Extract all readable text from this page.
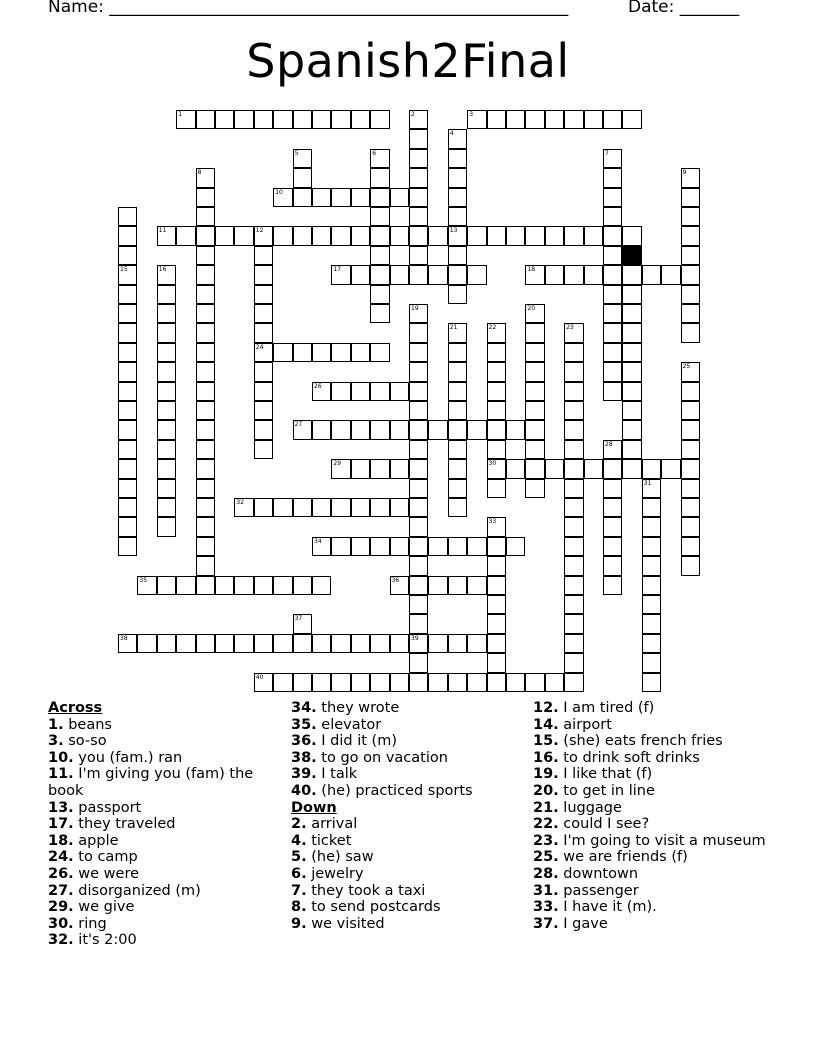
Name: ______________________________________________________

	Date: _______

Spanish2Final
1	3
10
11	12	13
17	18
24
26
27
29	30
32
34
35	36
38	39
40
2
4
5	6	7
8	9
15	16
19
21	22
20
23
25
28
31
33
37
Across
1. beans
3. so-so
10. you (fam.) ran
11. I'm giving you (fam) the book
13. passport
17. they traveled
18. apple
24. to camp
26. we were
27. disorganized (m)
29. we give
30. ring
32. it's 2:00
34. they wrote
35. elevator
36. I did it (m)
38. to go on vacation
39. I talk
40. (he) practiced sports
Down
2. arrival
4. ticket
5. (he) saw
6. jewelry
7. they took a taxi
8. to send postcards
9. we visited
12. I am tired (f)
14. airport
15. (she) eats french fries
16. to drink soft drinks
19. I like that (f)
20. to get in line
21. luggage
22. could I see?
23. I'm going to visit a museum
25. we are friends (f)
28. downtown
31. passenger
33. I have it (m).
37. I gave
